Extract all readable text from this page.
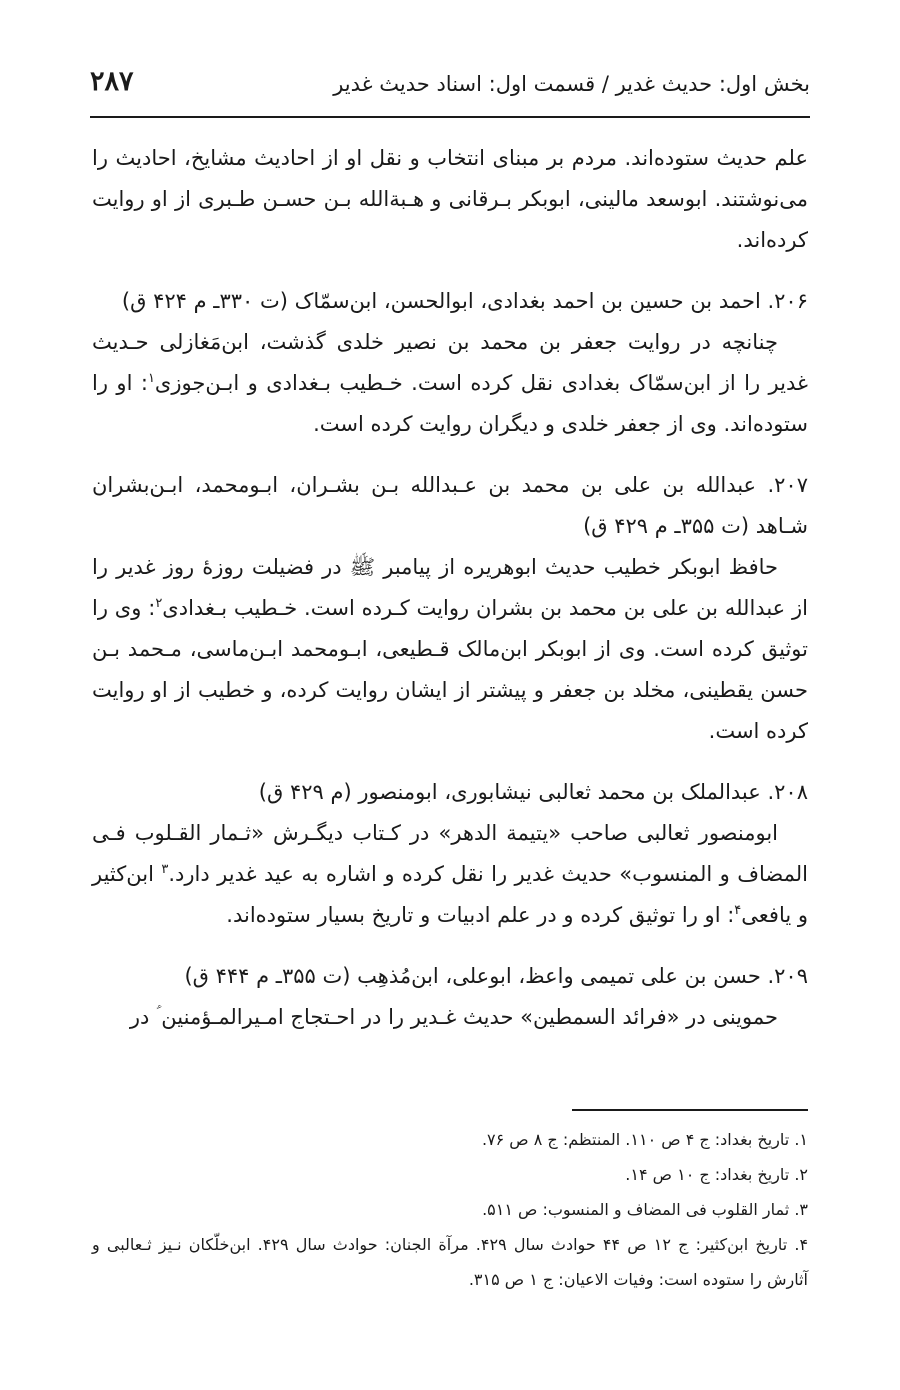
۲۸۷	بخش اول: حدیث غدیر / قسمت اول: اسناد حدیث غدیر

علم حدیث ستوده‌اند. مردم بر مبنای انتخاب و نقل او از احادیث مشایخ، احادیث را می‌نوشتند. ابوسعد مالینی، ابوبکر بـرقانی و هـبةالله بـن حسـن طـبری از او روایت کرده‌اند.

۲۰۶. احمد بن حسین بن احمد بغدادی، ابوالحسن، ابن‌سمّاک (ت ۳۳۰ـ م ۴۲۴ ق)

چنانچه در روایت جعفر بن محمد بن نصیر خلدی گذشت، ابن‌مَغازلی حـدیث غدیر را از ابن‌سمّاک بغدادی نقل کرده است. خـطیب بـغدادی و ابـن‌جوزی$^۱$: او را ستوده‌اند. وی از جعفر خلدی و دیگران روایت کرده است.

۲۰۷. عبدالله بن علی بن محمد بن عـبدالله بـن بشـران، ابـومحمد، ابـن‌بشران شـاهد (ت ۳۵۵ـ م ۴۲۹ ق)

حافظ ابوبکر خطیب حدیث ابوهریره از پیامبر ﷺ در فضیلت روزهٔ روز غدیر را از عبدالله بن علی بن محمد بن بشران روایت کـرده است. خـطیب بـغدادی$^۲$: وی را توثیق کرده است. وی از ابوبکر ابن‌مالک قـطیعی، ابـومحمد ابـن‌ماسی، مـحمد بـن حسن یقطینی، مخلد بن جعفر و پیشتر از ایشان روایت کرده، و خطیب از او روایت کرده است.

۲۰۸. عبدالملک بن محمد ثعالبی نیشابوری، ابومنصور (م ۴۲۹ ق)

ابومنصور ثعالبی صاحب «یتیمة الدهر» در کـتاب دیگـرش «ثـمار القـلوب فـی المضاف و المنسوب» حدیث غدیر را نقل کرده و اشاره به عید غدیر دارد.$^۳$ ابن‌کثیر و یافعی$^۴$: او را توثیق کرده و در علم ادبیات و تاریخ بسیار ستوده‌اند.

۲۰۹. حسن بن علی تمیمی واعظ، ابوعلی، ابن‌مُذهِب (ت ۳۵۵ـ م ۴۴۴ ق)

حموینی در «فرائد السمطین» حدیث غـدیر را در احـتجاج امـیرالمـؤمنین ؑ در

۱. تاریخ بغداد: ج ۴ ص ۱۱۰. المنتظم: ج ۸ ص ۷۶.

۲. تاریخ بغداد: ج ۱۰ ص ۱۴.

۳. ثمار القلوب فی المضاف و المنسوب: ص ۵۱۱.

۴. تاریخ ابن‌کثیر: ج ۱۲ ص ۴۴ حوادث سال ۴۲۹. مرآة الجنان: حوادث سال ۴۲۹. ابن‌خلّکان نـیز ثـعالبی و آثارش را ستوده است: وفیات الاعیان: ج ۱ ص ۳۱۵.
